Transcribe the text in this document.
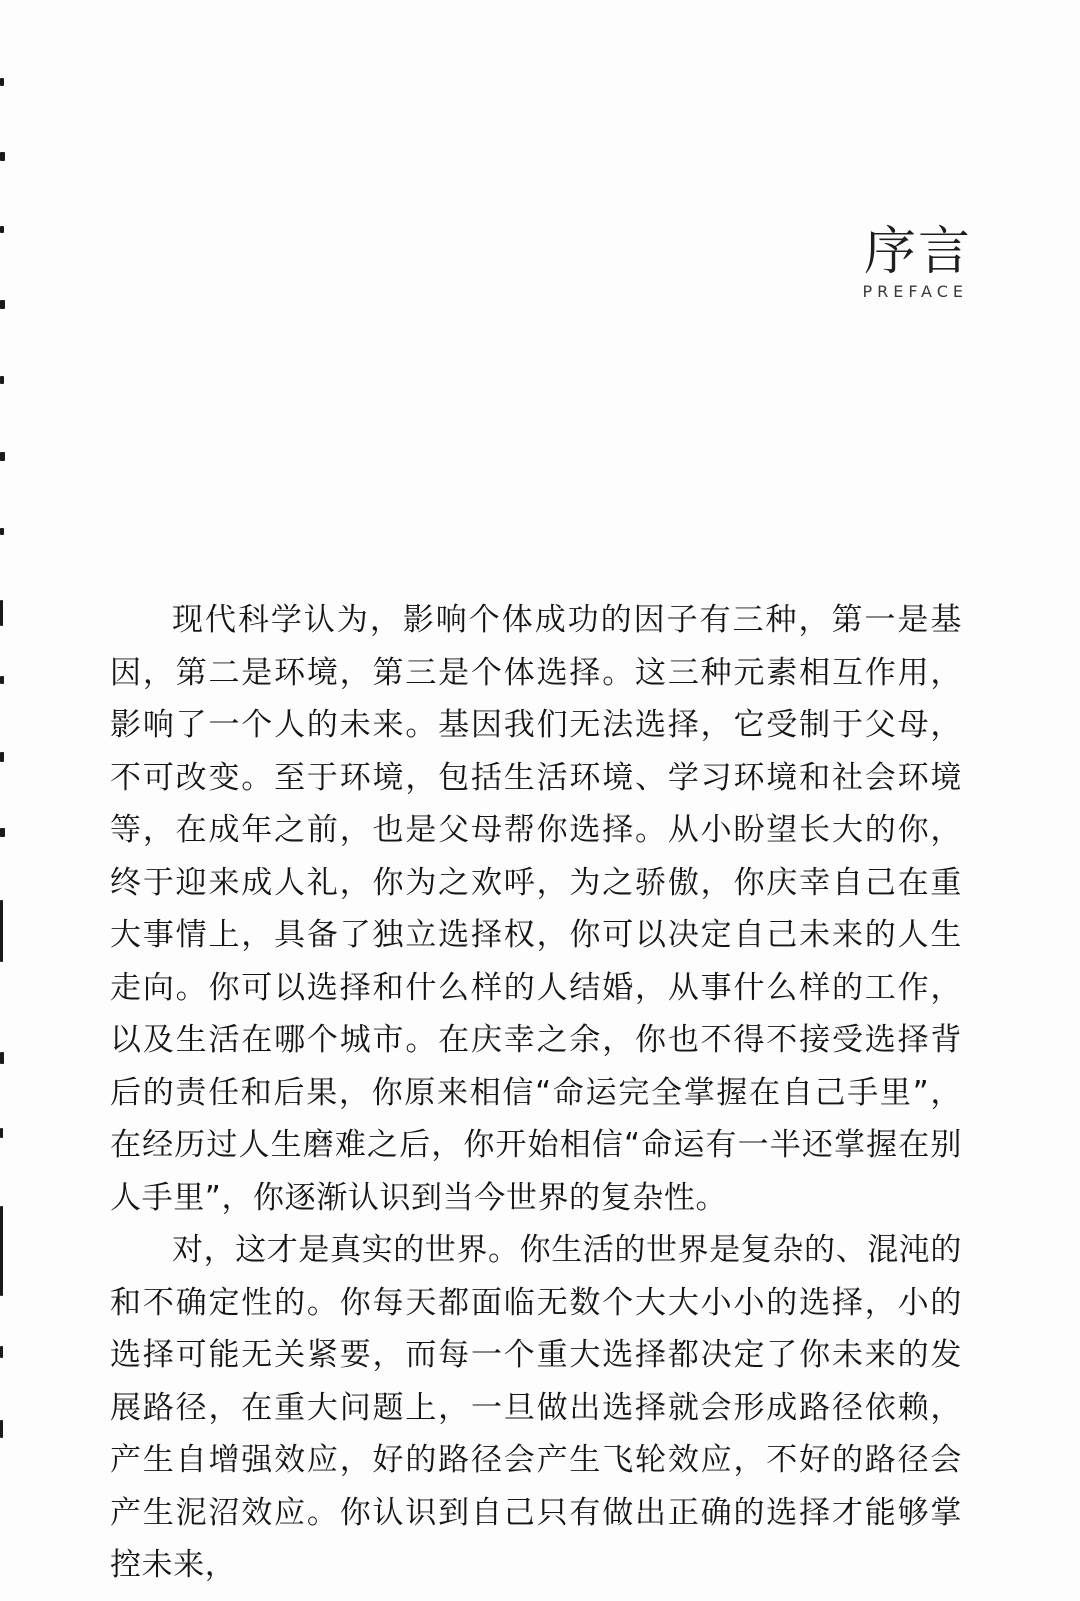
序言
PREFACE

现代科学认为，影响个体成功的因子有三种，第一是基因，第二是环境，第三是个体选择。这三种元素相互作用，影响了一个人的未来。基因我们无法选择，它受制于父母，不可改变。至于环境，包括生活环境、学习环境和社会环境等，在成年之前，也是父母帮你选择。从小盼望长大的你，终于迎来成人礼，你为之欢呼，为之骄傲，你庆幸自己在重大事情上，具备了独立选择权，你可以决定自己未来的人生走向。你可以选择和什么样的人结婚，从事什么样的工作，以及生活在哪个城市。在庆幸之余，你也不得不接受选择背后的责任和后果，你原来相信“命运完全掌握在自己手里”，在经历过人生磨难之后，你开始相信“命运有一半还掌握在别人手里”，你逐渐认识到当今世界的复杂性。

对，这才是真实的世界。你生活的世界是复杂的、混沌的和不确定性的。你每天都面临无数个大大小小的选择，小的选择可能无关紧要，而每一个重大选择都决定了你未来的发展路径，在重大问题上，一旦做出选择就会形成路径依赖，产生自增强效应，好的路径会产生飞轮效应，不好的路径会产生泥沼效应。你认识到自己只有做出正确的选择才能够掌控未来，
